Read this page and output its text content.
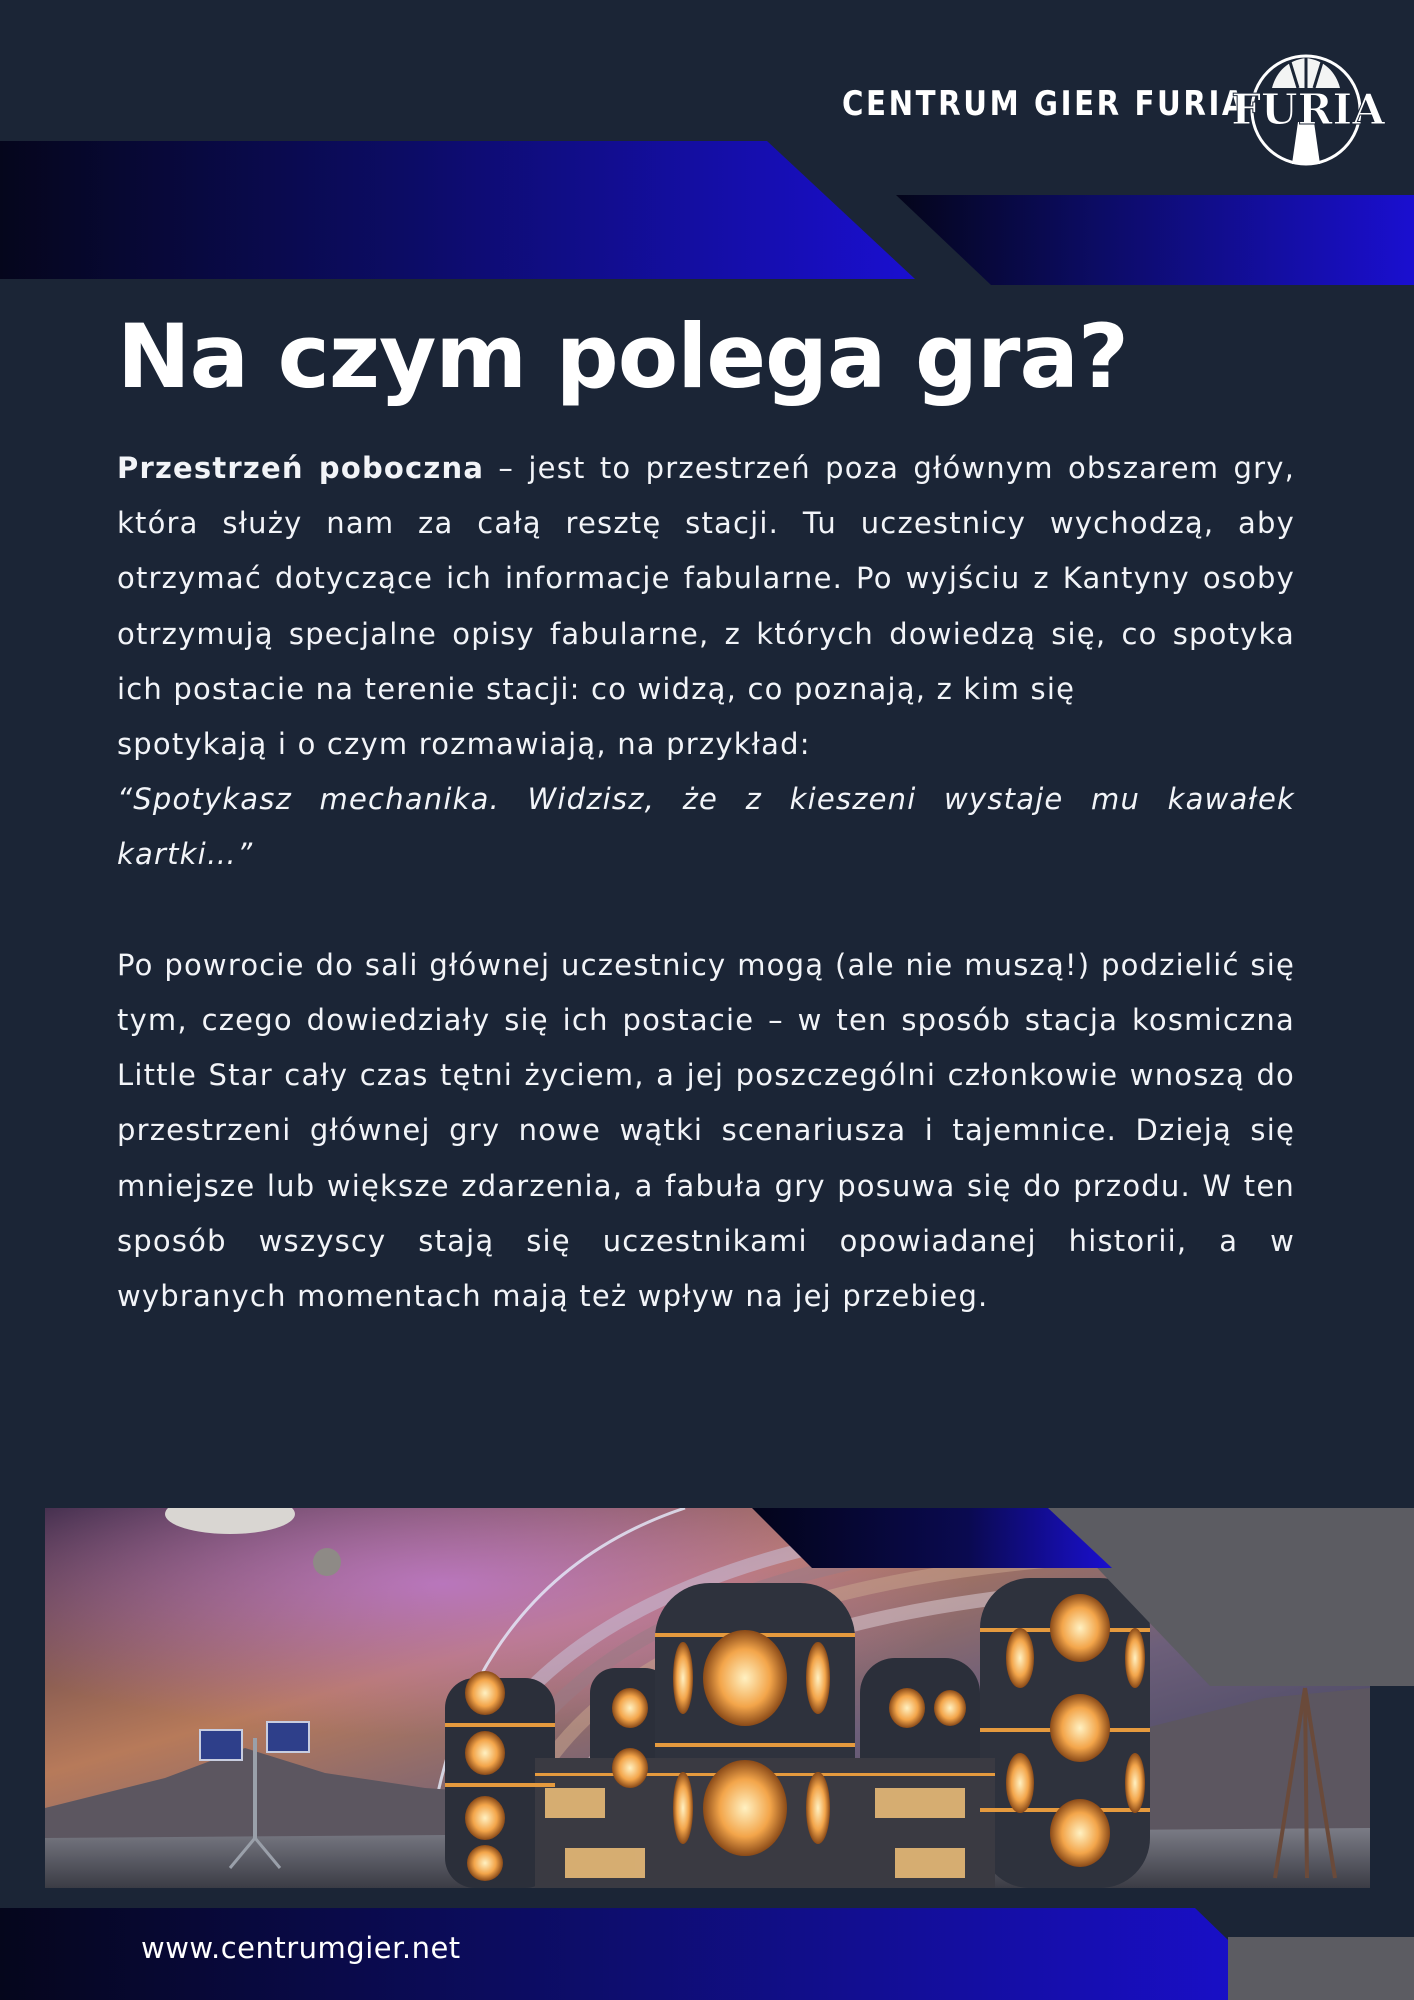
CENTRUM GIER FURIA
FURIA
Na czym polega gra?

Przestrzeń poboczna – jest to przestrzeń poza głównym obszarem gry, która służy nam za całą resztę stacji. Tu uczestnicy wychodzą, aby otrzymać dotyczące ich informacje fabularne. Po wyjściu z Kantyny osoby otrzymują specjalne opisy fabularne, z których dowiedzą się, co spotyka ich postacie na terenie stacji: co widzą, co poznają, z kim się

spotykają i o czym rozmawiają, na przykład:

“Spotykasz mechanika. Widzisz, że z kieszeni wystaje mu kawałek kartki…”

Po powrocie do sali głównej uczestnicy mogą (ale nie muszą!) podzielić się tym, czego dowiedziały się ich postacie – w ten sposób stacja kosmiczna Little Star cały czas tętni życiem, a jej poszczególni członkowie wnoszą do przestrzeni głównej gry nowe wątki scenariusza i tajemnice. Dzieją się mniejsze lub większe zdarzenia, a fabuła gry posuwa się do przodu. W ten sposób wszyscy stają się uczestnikami opowiadanej historii, a w wybranych momentach mają też wpływ na jej przebieg.

www.centrumgier.net
